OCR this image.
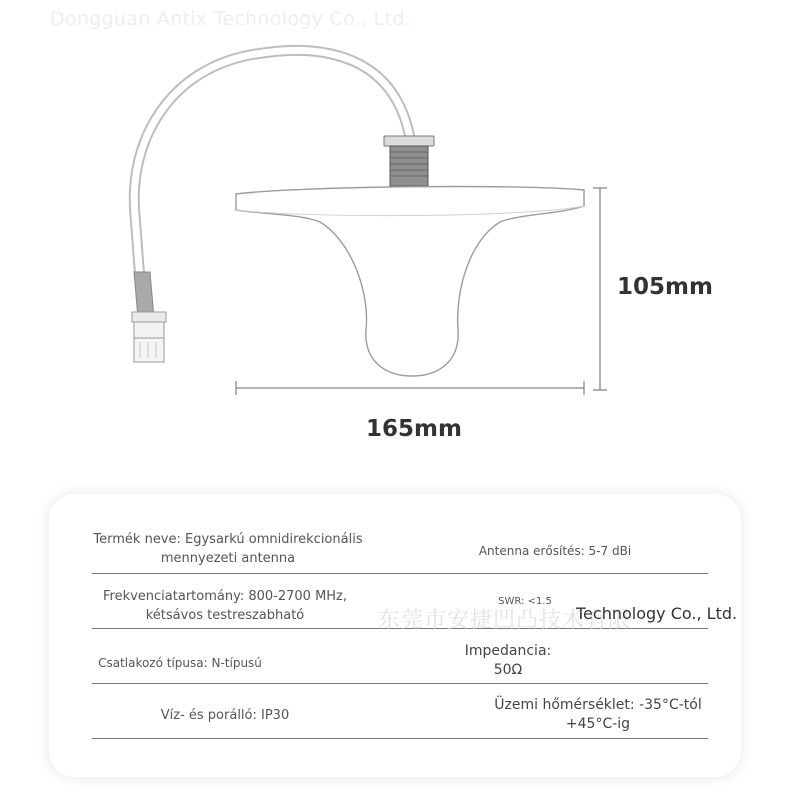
Dongguan Antix Technology Co., Ltd.
105mm
165mm
Termék neve: Egysarkú omnidirekcionális mennyezeti antenna	Antenna erősítés: 5-7 dBi
Frekvenciatartomány: 800-2700 MHz, kétsávos testreszabható
SWR: <1.5
Csatlakozó típusa: N-típusú
Impedancia: 50Ω
Víz- és porálló: IP30
Üzemi hőmérséklet: -35°C-tól +45°C-ig
东莞市安捷凹凸技术有限
Technology Co., Ltd.
